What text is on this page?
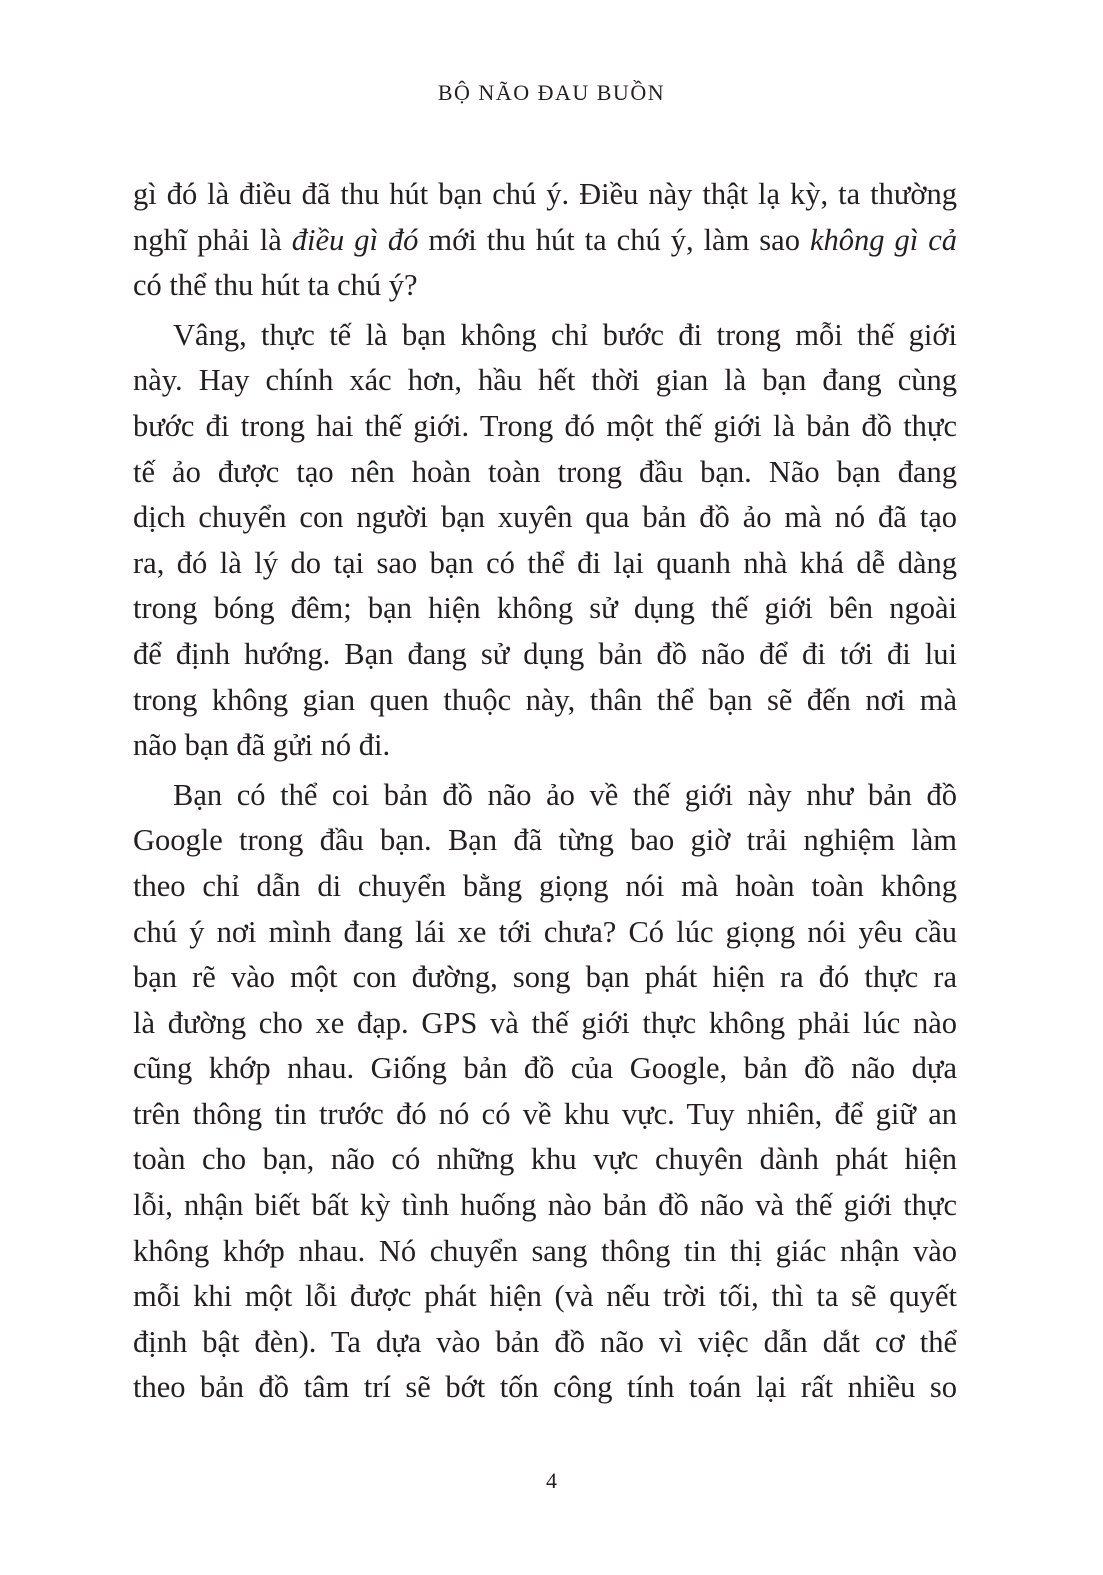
BỘ NÃO ĐAU BUỒN
gì đó là điều đã thu hút bạn chú ý. Điều này thật lạ kỳ, ta thường
nghĩ phải là điều gì đó mới thu hút ta chú ý, làm sao không gì cả
có thể thu hút ta chú ý?
Vâng, thực tế là bạn không chỉ bước đi trong mỗi thế giới
này. Hay chính xác hơn, hầu hết thời gian là bạn đang cùng
bước đi trong hai thế giới. Trong đó một thế giới là bản đồ thực
tế ảo được tạo nên hoàn toàn trong đầu bạn. Não bạn đang
dịch chuyển con người bạn xuyên qua bản đồ ảo mà nó đã tạo
ra, đó là lý do tại sao bạn có thể đi lại quanh nhà khá dễ dàng
trong bóng đêm; bạn hiện không sử dụng thế giới bên ngoài
để định hướng. Bạn đang sử dụng bản đồ não để đi tới đi lui
trong không gian quen thuộc này, thân thể bạn sẽ đến nơi mà
não bạn đã gửi nó đi.
Bạn có thể coi bản đồ não ảo về thế giới này như bản đồ
Google trong đầu bạn. Bạn đã từng bao giờ trải nghiệm làm
theo chỉ dẫn di chuyển bằng giọng nói mà hoàn toàn không
chú ý nơi mình đang lái xe tới chưa? Có lúc giọng nói yêu cầu
bạn rẽ vào một con đường, song bạn phát hiện ra đó thực ra
là đường cho xe đạp. GPS và thế giới thực không phải lúc nào
cũng khớp nhau. Giống bản đồ của Google, bản đồ não dựa
trên thông tin trước đó nó có về khu vực. Tuy nhiên, để giữ an
toàn cho bạn, não có những khu vực chuyên dành phát hiện
lỗi, nhận biết bất kỳ tình huống nào bản đồ não và thế giới thực
không khớp nhau. Nó chuyển sang thông tin thị giác nhận vào
mỗi khi một lỗi được phát hiện (và nếu trời tối, thì ta sẽ quyết
định bật đèn). Ta dựa vào bản đồ não vì việc dẫn dắt cơ thể
theo bản đồ tâm trí sẽ bớt tốn công tính toán lại rất nhiều so
4
